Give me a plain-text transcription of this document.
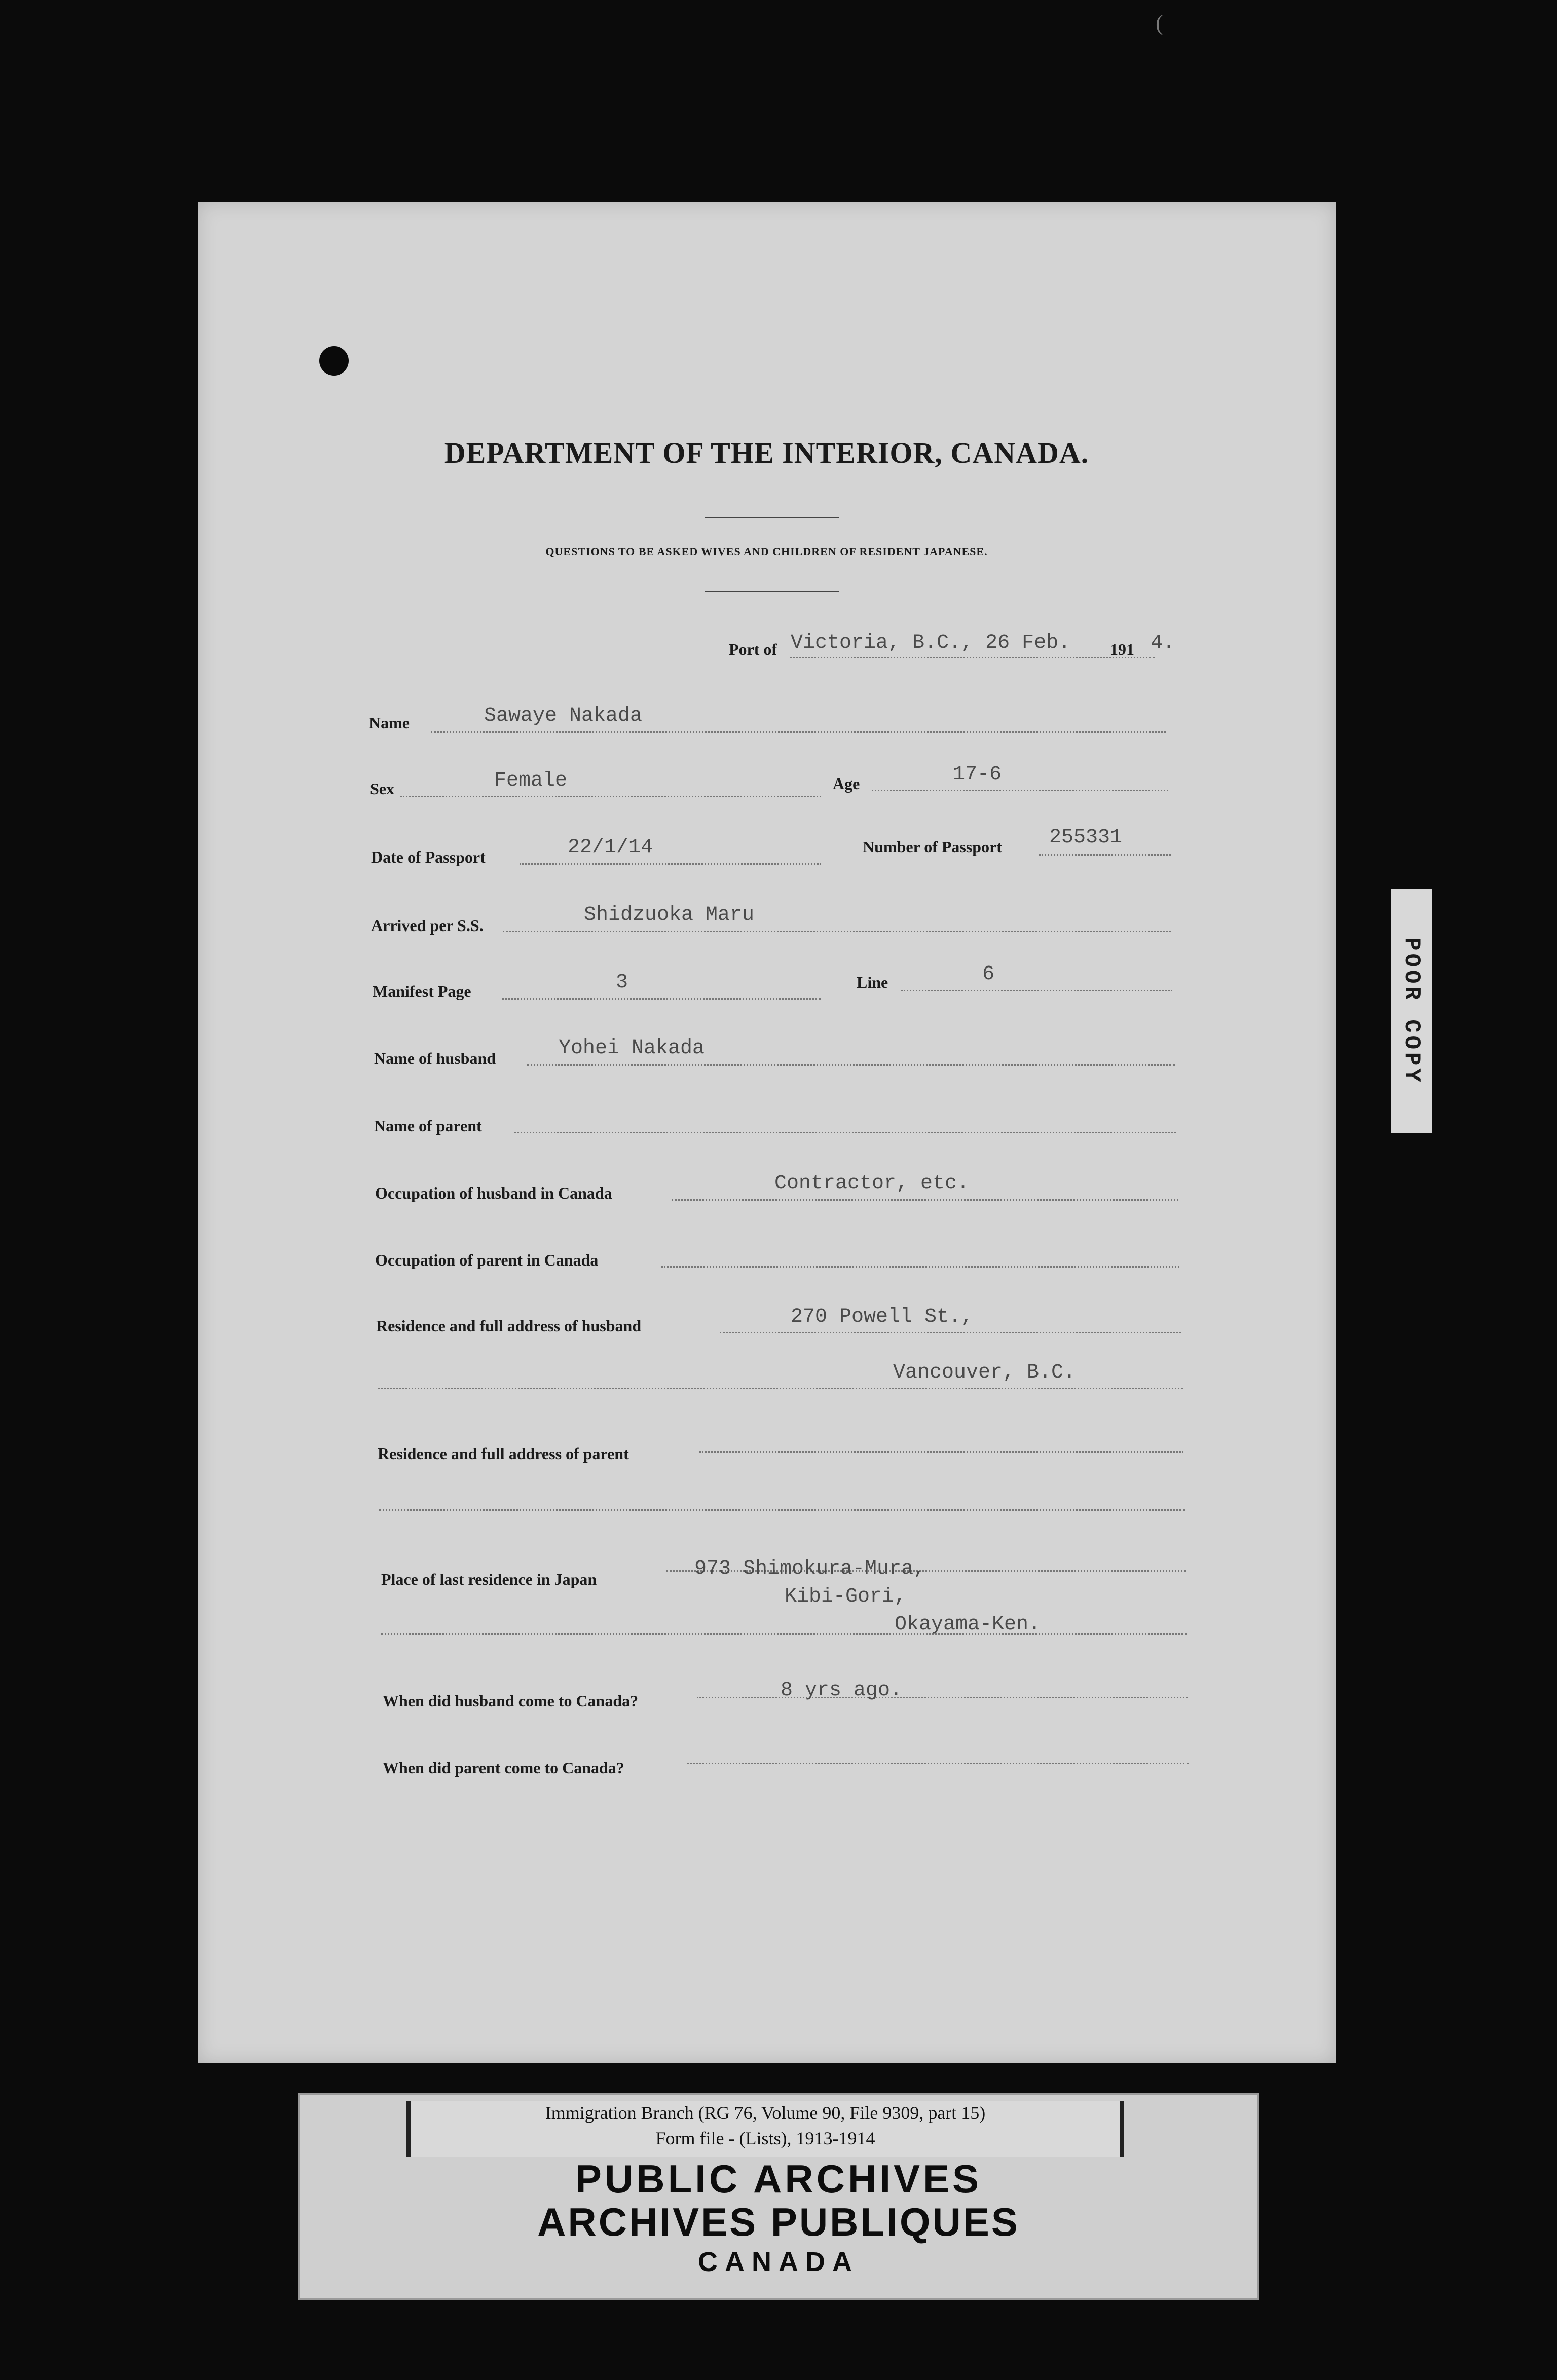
(
DEPARTMENT OF THE INTERIOR, CANADA.
QUESTIONS TO BE ASKED WIVES AND CHILDREN OF RESIDENT JAPANESE.
Port of Victoria, B.C., 26 Feb. 191 4.
Name	Sawaye Nakada
Sex	Female	Age	17-6
Date of Passport	22/1/14	Number of Passport 255331
Arrived per S.S.	Shidzuoka Maru
Manifest Page	3	Line	6
Name of husband	Yohei Nakada
Name of parent
Occupation of husband in Canada	Contractor, etc.
Occupation of parent in Canada
Residence and full address of husband	270 Powell St.,
Vancouver, B.C.
Residence and full address of parent
Place of last residence in Japan	973 Shimokura-Mura,
Kibi-Gori,
Okayama-Ken.
When did husband come to Canada?	8 yrs ago.
When did parent come to Canada?
POOR COPY
Immigration Branch (RG 76, Volume 90, File 9309, part 15)
Form file - (Lists), 1913-1914
PUBLIC ARCHIVES
ARCHIVES PUBLIQUES
CANADA
